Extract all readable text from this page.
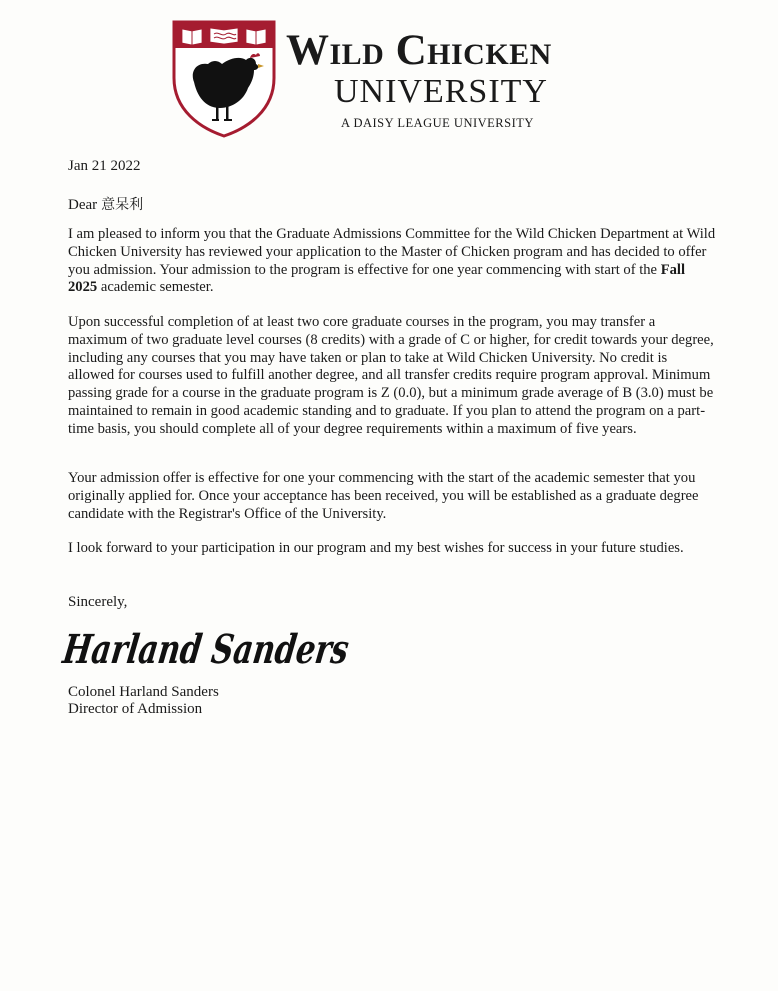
Wild Chicken
UNIVERSITY
A DAISY LEAGUE UNIVERSITY
Jan 21 2022
Dear 意呆利
I am pleased to inform you that the Graduate Admissions Committee for the Wild Chicken Department at Wild Chicken University has reviewed your application to the Master of Chicken program and has decided to offer you admission. Your admission to the program is effective for one year commencing with start of the Fall 2025 academic semester.
Upon successful completion of at least two core graduate courses in the program, you may transfer a maximum of two graduate level courses (8 credits) with a grade of C or higher, for credit towards your degree, including any courses that you may have taken or plan to take at Wild Chicken University. No credit is allowed for courses used to fulfill another degree, and all transfer credits require program approval. Minimum passing grade for a course in the graduate program is Z (0.0), but a minimum grade average of B (3.0) must be maintained to remain in good academic standing and to graduate. If you plan to attend the program on a part-time basis, you should complete all of your degree requirements within a maximum of five years.
Your admission offer is effective for one your commencing with the start of the academic semester that you originally applied for. Once your acceptance has been received, you will be established as a graduate degree candidate with the Registrar's Office of the University.
I look forward to your participation in our program and my best wishes for success in your future studies.
Sincerely,
Harland Sanders
Colonel Harland Sanders
Director of Admission
